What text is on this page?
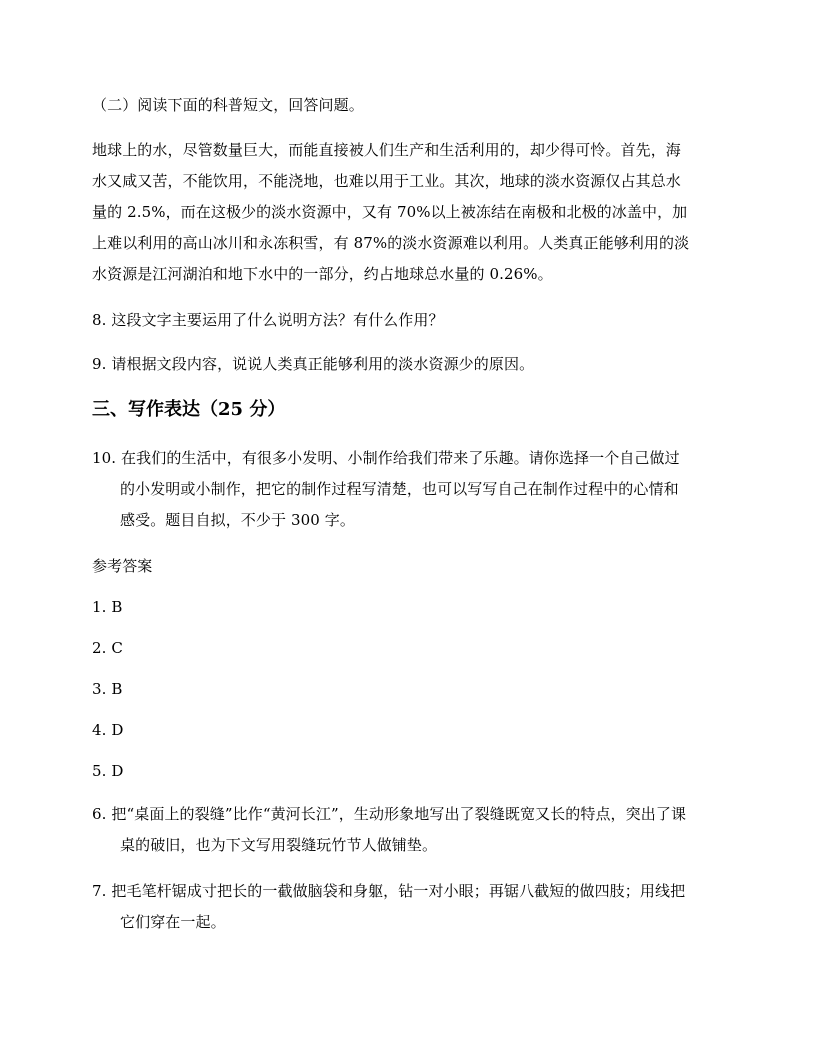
（二）阅读下面的科普短文，回答问题。
地球上的水，尽管数量巨大，而能直接被人们生产和生活利用的，却少得可怜。首先，海
水又咸又苦，不能饮用，不能浇地，也难以用于工业。其次，地球的淡水资源仅占其总水
量的 2.5%，而在这极少的淡水资源中，又有 70%以上被冻结在南极和北极的冰盖中，加
上难以利用的高山冰川和永冻积雪，有 87%的淡水资源难以利用。人类真正能够利用的淡
水资源是江河湖泊和地下水中的一部分，约占地球总水量的 0.26%。
8. 这段文字主要运用了什么说明方法？有什么作用？
9. 请根据文段内容，说说人类真正能够利用的淡水资源少的原因。
三、写作表达（25 分）
10. 在我们的生活中，有很多小发明、小制作给我们带来了乐趣。请你选择一个自己做过
的小发明或小制作，把它的制作过程写清楚，也可以写写自己在制作过程中的心情和
感受。题目自拟，不少于 300 字。
参考答案
1. B
2. C
3. B
4. D
5. D
6. 把“桌面上的裂缝”比作“黄河长江”，生动形象地写出了裂缝既宽又长的特点，突出了课
桌的破旧，也为下文写用裂缝玩竹节人做铺垫。
7. 把毛笔杆锯成寸把长的一截做脑袋和身躯，钻一对小眼；再锯八截短的做四肢；用线把
它们穿在一起。
